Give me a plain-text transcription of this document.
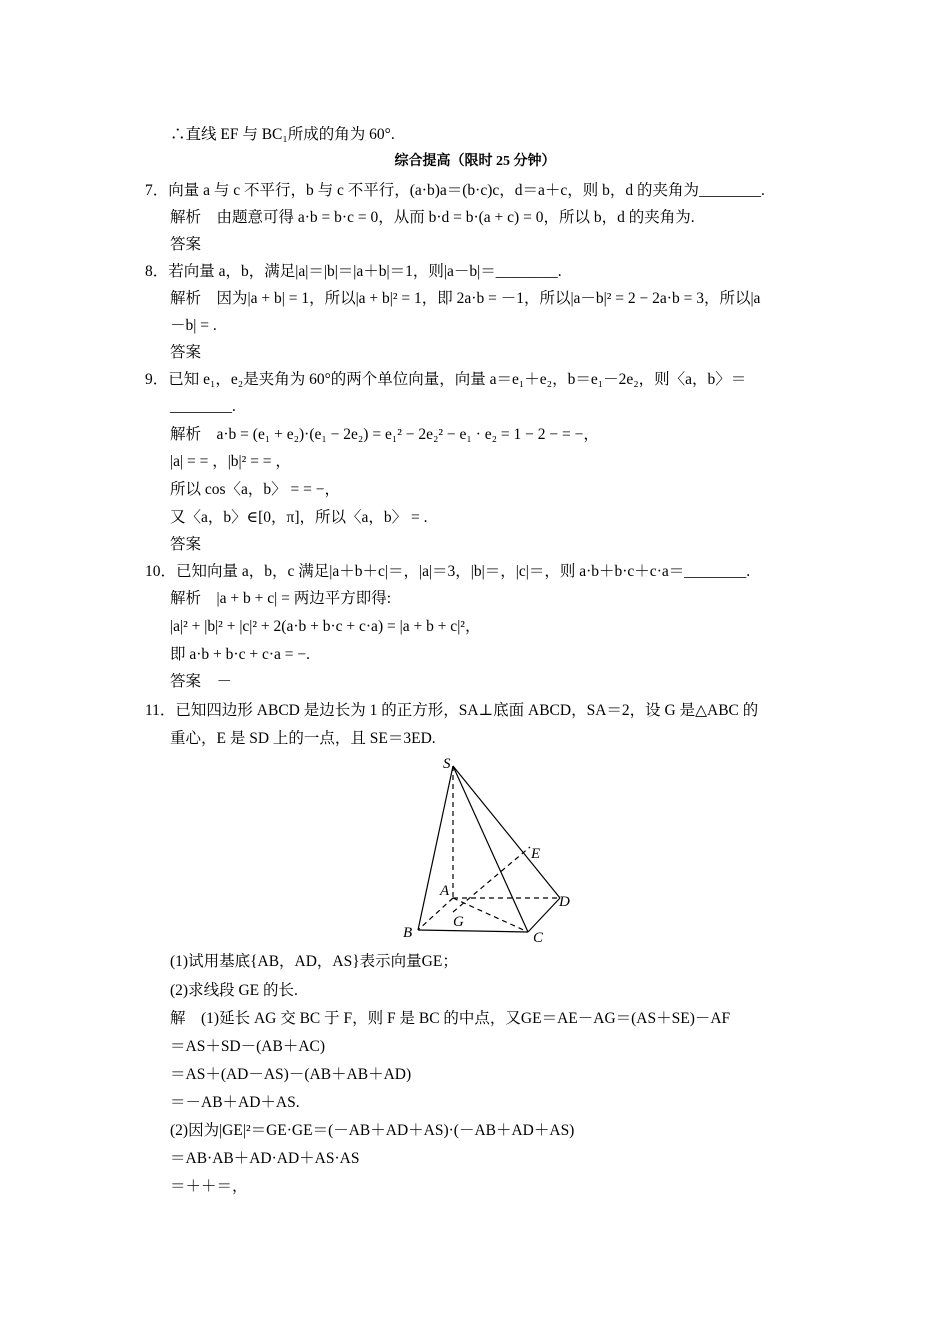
∴直线 EF 与 BC₁所成的角为 60°.
7．向量 a 与 c 不平行，b 与 c 不平行，(a·b)a＝(b·c)c，d＝a＋c，则 b，d 的夹角为________.
解析    由题意可得 a·b = b·c = 0，从而 b·d = b·(a + c) = 0，所以 b，d 的夹角为.
答案
8．若向量 a，b，满足|a|＝|b|＝|a＋b|＝1，则|a－b|＝________.
解析    因为|a + b| = 1，所以|a + b|² = 1，即 2a·b = －1，所以|a－b|² = 2 − 2a·b = 3，所以|a
－b| = .
答案
9．已知 e₁，e₂是夹角为 60°的两个单位向量，向量 a＝e₁＋e₂，b＝e₁－2e₂，则〈a，b〉＝
________.
解析    a·b = (e₁ + e₂)·(e₁ − 2e₂) = e₁² − 2e₂² − e₁ · e₂ = 1 − 2 − = −，
|a| = = ，|b|² = = ，
所以 cos〈a，b〉 = = −，
又〈a，b〉∈[0，π]，所以〈a，b〉 = .
答案
10．已知向量 a，b，c 满足|a＋b＋c|＝，|a|＝3，|b|＝，|c|＝，则 a·b＋b·c＋c·a＝________.
解析    |a + b + c| = 两边平方即得:
|a|² + |b|² + |c|² + 2(a·b + b·c + c·a) = |a + b + c|²，
即 a·b + b·c + c·a = −.
答案    －
11．已知四边形 ABCD 是边长为 1 的正方形，SA⊥底面 ABCD，SA＝2，设 G 是△ABC 的
重心，E 是 SD 上的一点，且 SE＝3ED.
(1)试用基底{AB，AD，AS}表示向量GE；
(2)求线段 GE 的长.
解    (1)延长 AG 交 BC 于 F，则 F 是 BC 的中点，又GE＝AE－AG＝(AS＋SE)－AF
＝AS＋SD－(AB＋AC)
＝AS＋(AD－AS)－(AB＋AB＋AD)
＝－AB＋AD＋AS.
(2)因为|GE|²＝GE·GE＝(－AB＋AD＋AS)·(－AB＋AD＋AS)
＝AB·AB＋AD·AD＋AS·AS
＝＋＋＝，
综合提高（限时 25 分钟）
S
E
A
D
G
B	C
